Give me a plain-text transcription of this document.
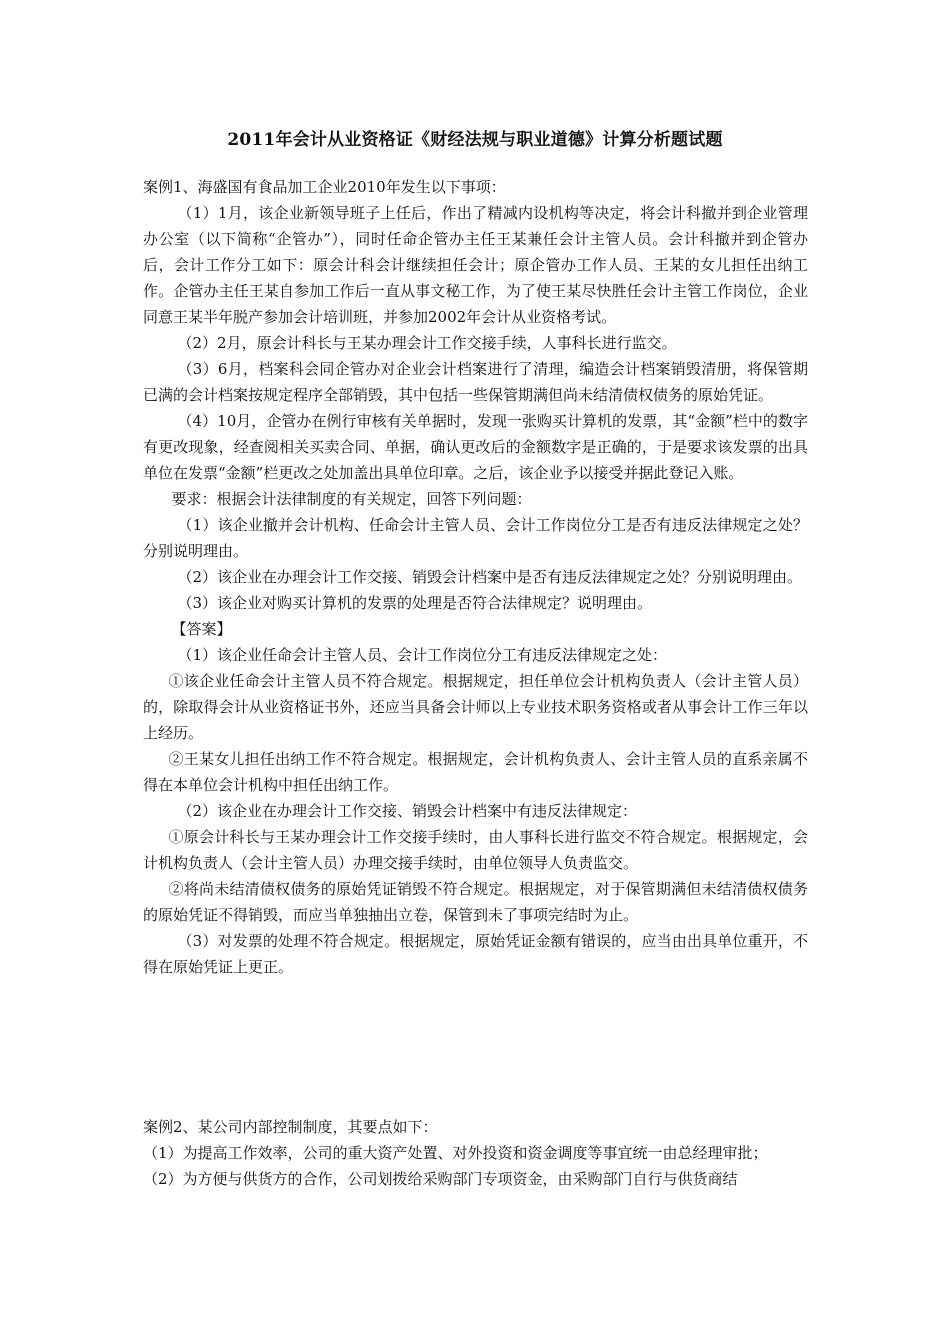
2011年会计从业资格证《财经法规与职业道德》计算分析题试题

案例1、海盛国有食品加工企业2010年发生以下事项：

（1）1月，该企业新领导班子上任后，作出了精减内设机构等决定，将会计科撤并到企业管理办公室（以下简称“企管办”），同时任命企管办主任王某兼任会计主管人员。会计科撤并到企管办后，会计工作分工如下：原会计科会计继续担任会计；原企管办工作人员、王某的女儿担任出纳工作。企管办主任王某自参加工作后一直从事文秘工作，为了使王某尽快胜任会计主管工作岗位，企业同意王某半年脱产参加会计培训班，并参加2002年会计从业资格考试。

（2）2月，原会计科长与王某办理会计工作交接手续，人事科长进行监交。

（3）6月，档案科会同企管办对企业会计档案进行了清理，编造会计档案销毁清册，将保管期已满的会计档案按规定程序全部销毁，其中包括一些保管期满但尚未结清债权债务的原始凭证。

（4）10月，企管办在例行审核有关单据时，发现一张购买计算机的发票，其“金额”栏中的数字有更改现象，经查阅相关买卖合同、单据，确认更改后的金额数字是正确的，于是要求该发票的出具单位在发票“金额”栏更改之处加盖出具单位印章。之后，该企业予以接受并据此登记入账。

要求：根据会计法律制度的有关规定，回答下列问题：

（1）该企业撤并会计机构、任命会计主管人员、会计工作岗位分工是否有违反法律规定之处？分别说明理由。

（2）该企业在办理会计工作交接、销毁会计档案中是否有违反法律规定之处？分别说明理由。

（3）该企业对购买计算机的发票的处理是否符合法律规定？说明理由。

【答案】

（1）该企业任命会计主管人员、会计工作岗位分工有违反法律规定之处：

①该企业任命会计主管人员不符合规定。根据规定，担任单位会计机构负责人（会计主管人员）的，除取得会计从业资格证书外，还应当具备会计师以上专业技术职务资格或者从事会计工作三年以上经历。

②王某女儿担任出纳工作不符合规定。根据规定，会计机构负责人、会计主管人员的直系亲属不得在本单位会计机构中担任出纳工作。

（2）该企业在办理会计工作交接、销毁会计档案中有违反法律规定：

①原会计科长与王某办理会计工作交接手续时，由人事科长进行监交不符合规定。根据规定，会计机构负责人（会计主管人员）办理交接手续时，由单位领导人负责监交。

②将尚未结清债权债务的原始凭证销毁不符合规定。根据规定，对于保管期满但未结清债权债务的原始凭证不得销毁，而应当单独抽出立卷，保管到未了事项完结时为止。

（3）对发票的处理不符合规定。根据规定，原始凭证金额有错误的，应当由出具单位重开，不得在原始凭证上更正。

案例2、某公司内部控制制度，其要点如下：

（1）为提高工作效率，公司的重大资产处置、对外投资和资金调度等事宜统一由总经理审批；

（2）为方便与供货方的合作，公司划拨给采购部门专项资金，由采购部门自行与供货商结
